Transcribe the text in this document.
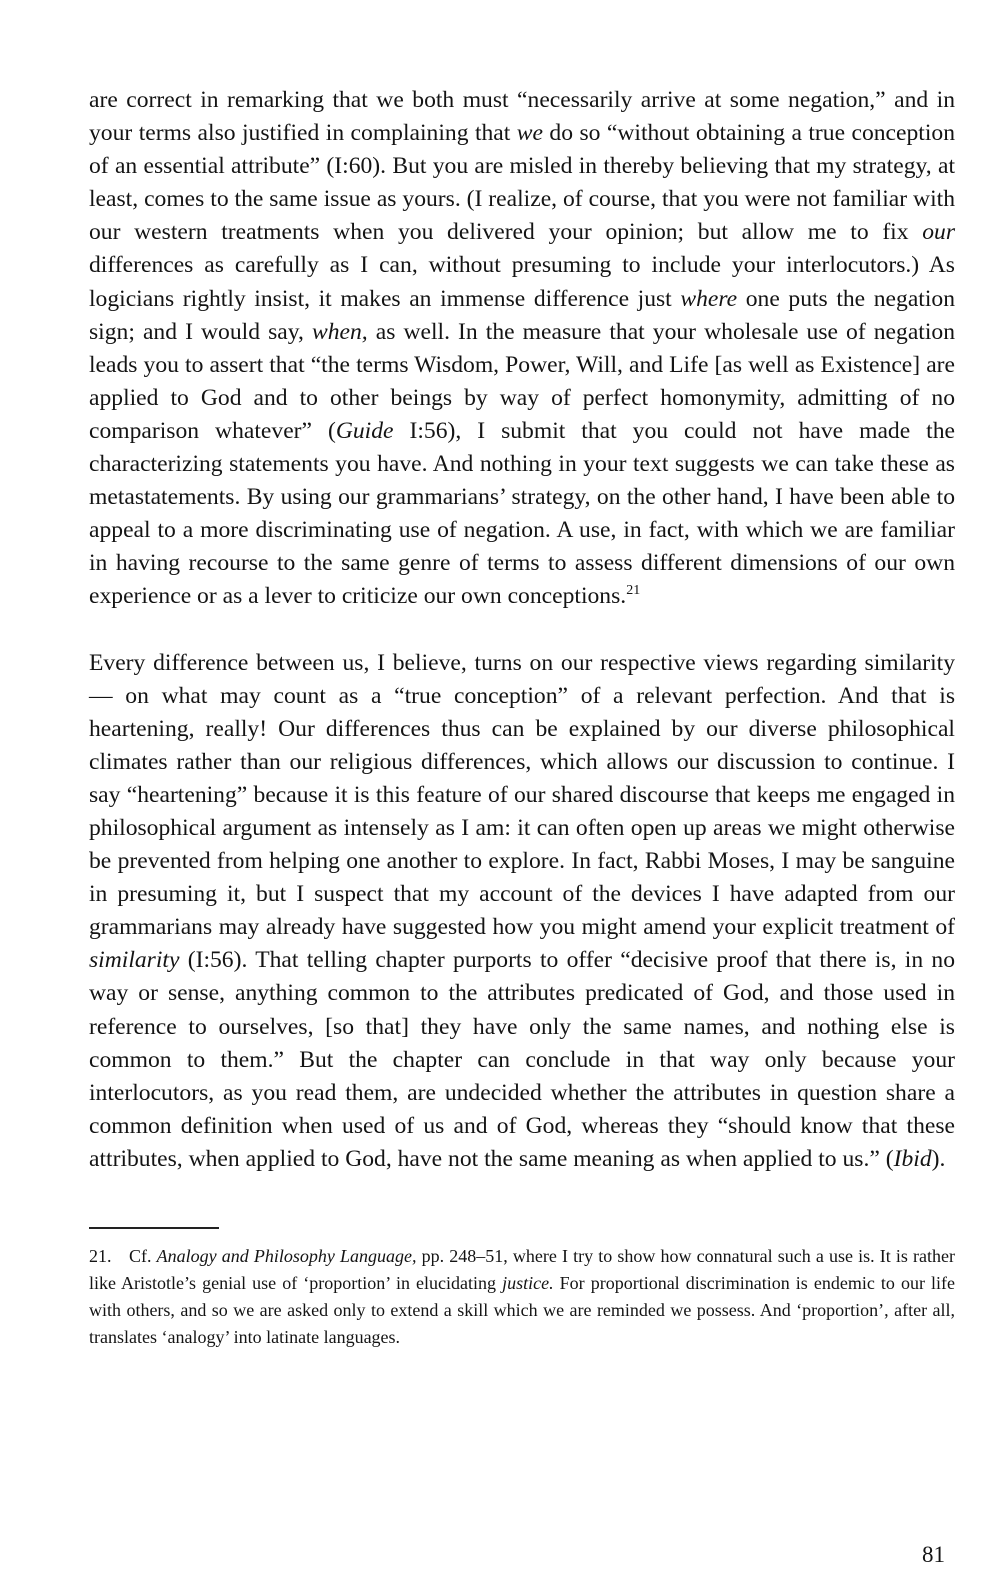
are correct in remarking that we both must “necessarily arrive at some negation,” and in your terms also justified in complaining that we do so “without obtaining a true conception of an essential attribute” (I:60). But you are misled in thereby believing that my strategy, at least, comes to the same issue as yours. (I realize, of course, that you were not familiar with our western treatments when you delivered your opinion; but allow me to fix our differences as carefully as I can, without presuming to include your interlocutors.) As logicians rightly insist, it makes an immense difference just where one puts the negation sign; and I would say, when, as well. In the measure that your wholesale use of negation leads you to assert that “the terms Wisdom, Power, Will, and Life [as well as Existence] are applied to God and to other beings by way of perfect homonymity, admitting of no comparison whatever” (Guide I:56), I submit that you could not have made the characterizing statements you have. And nothing in your text suggests we can take these as metastatements. By using our grammarians’ strategy, on the other hand, I have been able to appeal to a more discriminating use of negation. A use, in fact, with which we are familiar in having recourse to the same genre of terms to assess different dimensions of our own experience or as a lever to criticize our own conceptions.$^{21}$

Every difference between us, I believe, turns on our respective views regarding similarity — on what may count as a “true conception” of a relevant perfection. And that is heartening, really! Our differences thus can be explained by our diverse philosophical climates rather than our religious differences, which allows our discussion to continue. I say “heartening” because it is this feature of our shared discourse that keeps me engaged in philosophical argument as intensely as I am: it can often open up areas we might otherwise be prevented from helping one another to explore. In fact, Rabbi Moses, I may be sanguine in presuming it, but I suspect that my account of the devices I have adapted from our grammarians may already have suggested how you might amend your explicit treatment of similarity (I:56). That telling chapter purports to offer “decisive proof that there is, in no way or sense, anything common to the attributes predicated of God, and those used in reference to ourselves, [so that] they have only the same names, and nothing else is common to them.” But the chapter can conclude in that way only because your interlocutors, as you read them, are undecided whether the attributes in question share a common definition when used of us and of God, whereas they “should know that these attributes, when applied to God, have not the same meaning as when applied to us.” (Ibid).

21. Cf. Analogy and Philosophy Language, pp. 248–51, where I try to show how connatural such a use is. It is rather like Aristotle’s genial use of ‘proportion’ in elucidating justice. For proportional discrimination is endemic to our life with others, and so we are asked only to extend a skill which we are reminded we possess. And ‘proportion’, after all, translates ‘analogy’ into latinate languages.

81
